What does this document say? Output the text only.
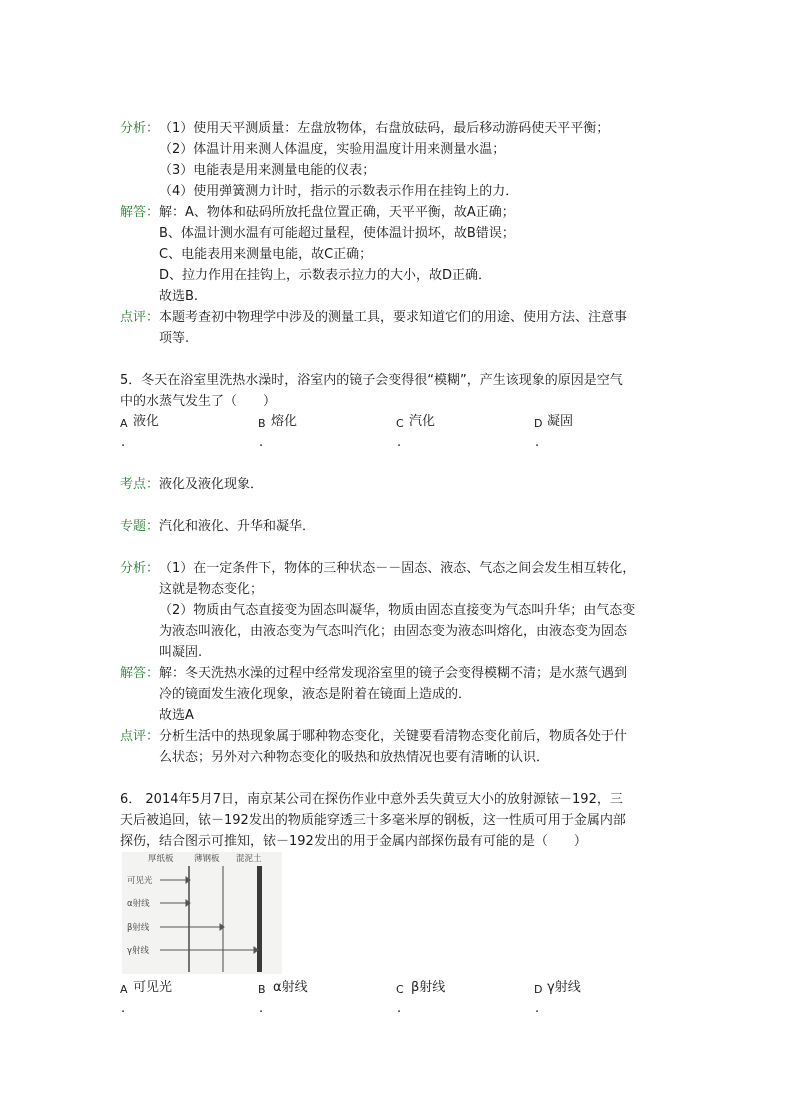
分析： （1）使用天平测质量：左盘放物体，右盘放砝码，最后移动游码使天平平衡；
（2）体温计用来测人体温度，实验用温度计用来测量水温；
（3）电能表是用来测量电能的仪表；
（4）使用弹簧测力计时，指示的示数表示作用在挂钩上的力．
解答： 解：A、物体和砝码所放托盘位置正确，天平平衡，故A正确；
B、体温计测水温有可能超过量程，使体温计损坏，故B错误；
C、电能表用来测量电能，故C正确；
D、拉力作用在挂钩上，示数表示拉力的大小，故D正确．
故选B.
点评： 本题考查初中物理学中涉及的测量工具，要求知道它们的用途、使用方法、注意事
项等.
5．冬天在浴室里洗热水澡时，浴室内的镜子会变得很“模糊”，产生该现象的原因是空气
中的水蒸气发生了（　　）
A 液化
.
B 熔化
.
C 汽化
.
D 凝固
.
考点： 液化及液化现象．
专题： 汽化和液化、升华和凝华．
分析： （1）在一定条件下，物体的三种状态－－固态、液态、气态之间会发生相互转化，
这就是物态变化；
（2）物质由气态直接变为固态叫凝华，物质由固态直接变为气态叫升华；由气态变
为液态叫液化，由液态变为气态叫汽化；由固态变为液态叫熔化，由液态变为固态
叫凝固.
解答： 解：冬天洗热水澡的过程中经常发现浴室里的镜子会变得模糊不清；是水蒸气遇到
冷的镜面发生液化现象，液态是附着在镜面上造成的．
故选A
点评： 分析生活中的热现象属于哪种物态变化，关键要看清物态变化前后，物质各处于什
么状态；另外对六种物态变化的吸热和放热情况也要有清晰的认识．
6． 2014年5月7日，南京某公司在探伤作业中意外丢失黄豆大小的放射源铱－192，三
天后被追回，铱－192发出的物质能穿透三十多毫米厚的钢板，这一性质可用于金属内部
探伤，结合图示可推知，铱－192发出的用于金属内部探伤最有可能的是（　　）
厚纸板 薄钢板 混泥土
可见光
α射线
β射线
γ射线
A 可见光
.
B α射线
.
C β射线
.
D γ射线
.
